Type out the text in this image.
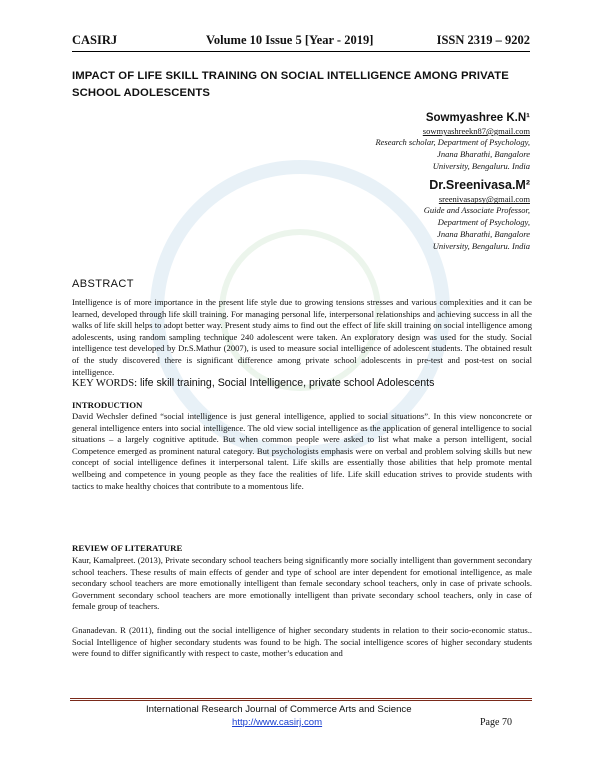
CASIRJ	Volume 10 Issue 5 [Year - 2019]	ISSN 2319 – 9202
IMPACT OF LIFE SKILL TRAINING ON SOCIAL INTELLIGENCE AMONG PRIVATE SCHOOL ADOLESCENTS
Sowmyashree K.N¹
sowmyashreekn87@gmail.com
Research scholar, Department of Psychology,
Jnana Bharathi, Bangalore
University, Bengaluru. India
Dr.Sreenivasa.M²
sreenivasapsy@gmail.com
Guide and Associate Professor,
Department of Psychology,
Jnana Bharathi, Bangalore
University, Bengaluru. India
ABSTRACT
Intelligence is of more importance in the present life style due to growing tensions stresses and various complexities and it can be learned, developed through life skill training. For managing personal life, interpersonal relationships and achieving success in all the walks of life skill helps to adopt better way. Present study aims to find out the effect of life skill training on social intelligence among adolescents, using random sampling technique 240 adolescent were taken. An exploratory design was used for the study. Social intelligence test developed by Dr.S.Mathur (2007), is used to measure social intelligence of adolescent students. The obtained result of the study discovered there is significant difference among private school adolescents in pre-test and post-test on social intelligence.
KEY WORDS: life skill training, Social Intelligence, private school Adolescents
INTRODUCTION
David Wechsler defined “social intelligence is just general intelligence, applied to social situations”. In this view nonconcrete or general intelligence enters into social intelligence. The old view social intelligence as the application of general intelligence to social situations – a largely cognitive aptitude. But when common people were asked to list what make a person intelligent, social Competence emerged as prominent natural category. But psychologists emphasis were on verbal and problem solving skills but new concept of social intelligence defines it interpersonal talent. Life skills are essentially those abilities that help promote mental wellbeing and competence in young people as they face the realities of life. Life skill education strives to provide students with tactics to make healthy choices that contribute to a momentous life.
REVIEW OF LITERATURE
Kaur, Kamalpreet. (2013), Private secondary school teachers being significantly more socially intelligent than government secondary school teachers. These results of main effects of gender and type of school are inter dependent for emotional intelligence, as male secondary school teachers are more emotionally intelligent than female secondary school teachers, only in case of private schools. Government secondary school teachers are more emotionally intelligent than private secondary school teachers, only in case of female group of teachers.
Gnanadevan. R (2011), finding out the social intelligence of higher secondary students in relation to their socio-economic status.. Social Intelligence of higher secondary students was found to be high. The social intelligence scores of higher secondary students were found to differ significantly with respect to caste, mother’s education and
International Research Journal of Commerce Arts and Science
http://www.casirj.com	Page 70
